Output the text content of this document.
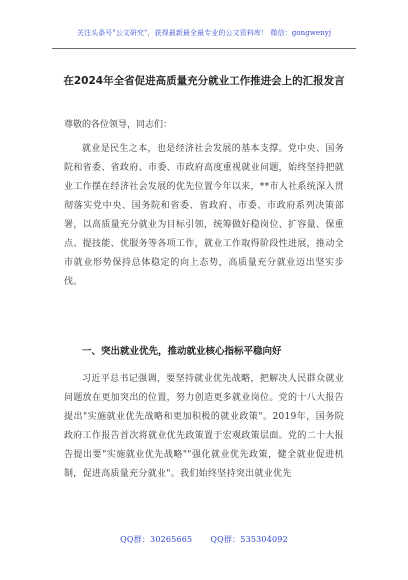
关注头条号"公文研究"，获得最新最全最专业的公文资料库！ 微信：gongwenyj
在2024年全省促进高质量充分就业工作推进会上的汇报发言
尊敬的各位领导，同志们：
就业是民生之本，也是经济社会发展的基本支撑。党中央、国务院和省委、省政府、市委、市政府高度重视就业问题，始终坚持把就业工作摆在经济社会发展的优先位置今年以来，**市人社系统深入贯彻落实党中央、国务院和省委、省政府、市委、市政府系列决策部署，以高质量充分就业为目标引领，统筹做好稳岗位、扩容量、保重点、提技能、优服务等各项工作，就业工作取得阶段性进展，推动全市就业形势保持总体稳定的向上态势，高质量充分就业迈出坚实步伐。
一、突出就业优先，推动就业核心指标平稳向好
习近平总书记强调，要坚持就业优先战略，把解决人民群众就业问题放在更加突出的位置，努力创造更多就业岗位。党的十八大报告提出"实施就业优先战略和更加积极的就业政策"。2019年，国务院政府工作报告首次将就业优先政策置于宏观政策层面。党的二十大报告提出要"实施就业优先战略""强化就业优先政策，健全就业促进机制，促进高质量充分就业"。我们始终坚持突出就业优先
QQ群：30265665 QQ群：535304092
